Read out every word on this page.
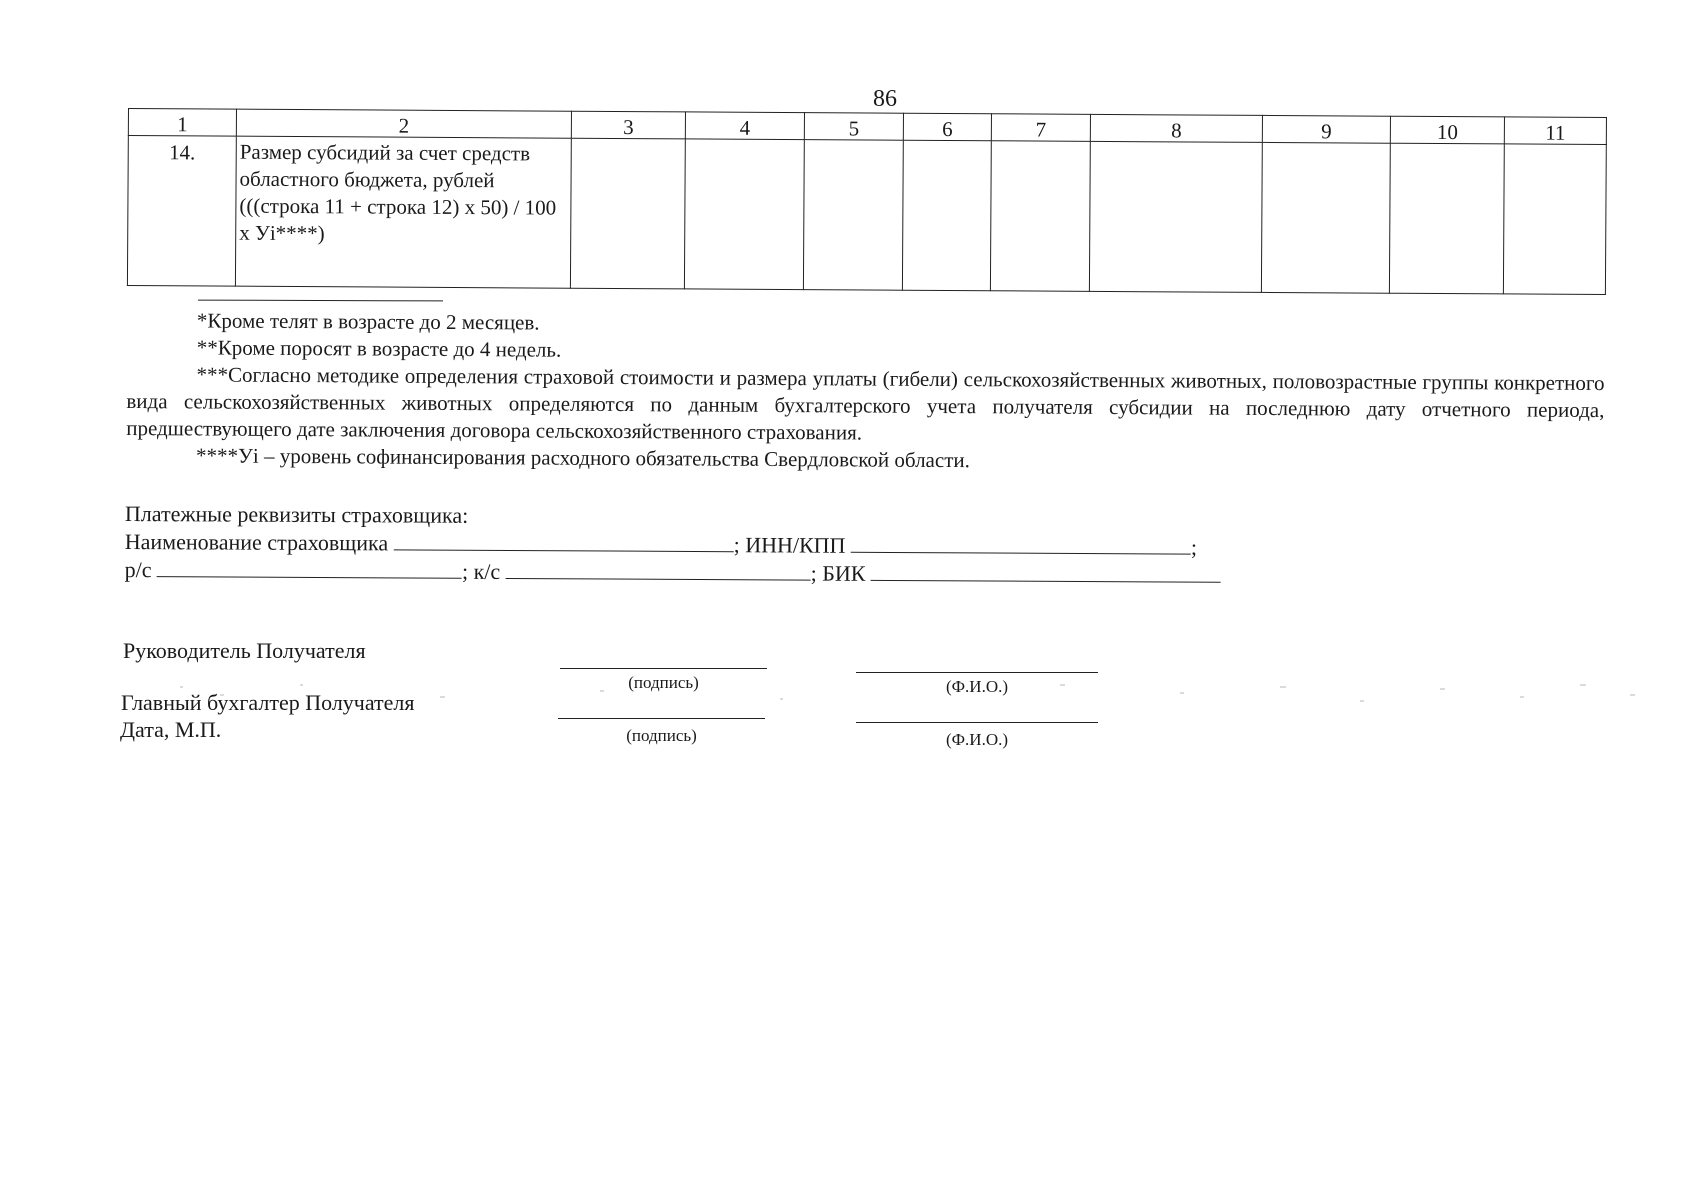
86
1	2	3	4	5	6	7	8	9	10	11
14.	Размер субсидий за счет средств областного бюджета, рублей (((строка 11 + строка 12) х 50) / 100 х Уi****)									

*Кроме телят в возрасте до 2 месяцев.

**Кроме поросят в возрасте до 4 недель.

***Согласно методике определения страховой стоимости и размера уплаты (гибели) сельскохозяйственных животных, половозрастные группы конкретного вида сельскохозяйственных животных определяются по данным бухгалтерского учета получателя субсидии на последнюю дату отчетного периода, предшествующего дате заключения договора сельскохозяйственного страхования.

****Уi – уровень софинансирования расходного обязательства Свердловской области.

Платежные реквизиты страховщика:
Наименование страховщика	; ИНН/КПП	;
р/с	; к/с	; БИК
Руководитель Получателя
(подпись)	(Ф.И.О.)
Главный бухгалтер Получателя
(подпись)	(Ф.И.О.)
Дата, М.П.
